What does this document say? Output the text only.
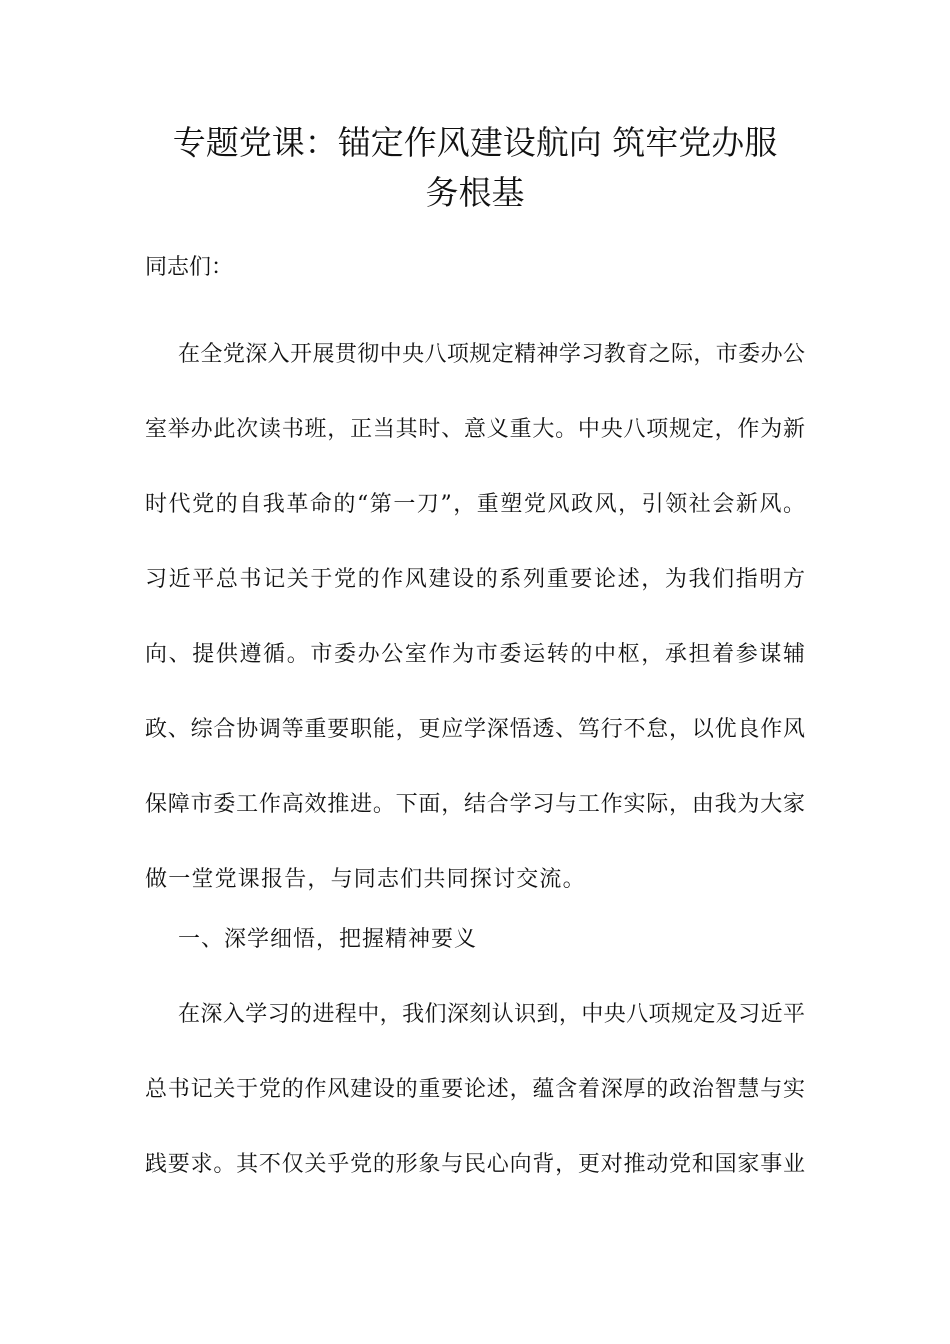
专题党课：锚定作风建设航向 筑牢党办服
务根基
同志们：
在全党深入开展贯彻中央八项规定精神学习教育之际，市委办公
室举办此次读书班，正当其时、意义重大。中央八项规定，作为新
时代党的自我革命的“第一刀”，重塑党风政风，引领社会新风。
习近平总书记关于党的作风建设的系列重要论述，为我们指明方
向、提供遵循。市委办公室作为市委运转的中枢，承担着参谋辅
政、综合协调等重要职能，更应学深悟透、笃行不怠，以优良作风
保障市委工作高效推进。下面，结合学习与工作实际，由我为大家
做一堂党课报告，与同志们共同探讨交流。
一、深学细悟，把握精神要义
在深入学习的进程中，我们深刻认识到，中央八项规定及习近平
总书记关于党的作风建设的重要论述，蕴含着深厚的政治智慧与实
践要求。其不仅关乎党的形象与民心向背，更对推动党和国家事业
